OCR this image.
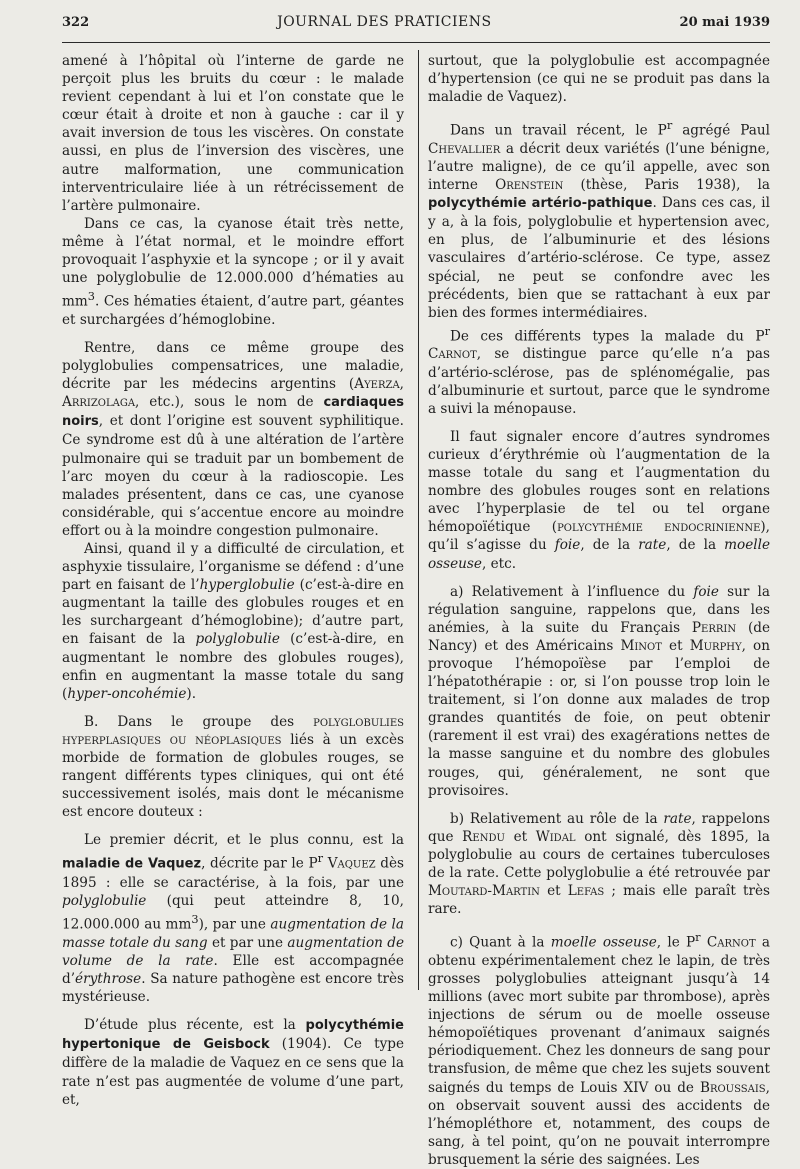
322	JOURNAL DES PRATICIENS	20 mai 1939

amené à l’hôpital où l’interne de garde ne perçoit plus les bruits du cœur : le malade revient cependant à lui et l’on constate que le cœur était à droite et non à gauche : car il y avait inversion de tous les viscères. On constate aussi, en plus de l’inversion des viscères, une autre malformation, une communication interventriculaire liée à un rétrécissement de l’artère pulmonaire.

Dans ce cas, la cyanose était très nette, même à l’état normal, et le moindre effort provoquait l’asphyxie et la syncope ; or il y avait une polyglobulie de 12.000.000 d’hématies au $mm^3$. Ces hématies étaient, d’autre part, géantes et surchargées d’hémoglobine.

Rentre, dans ce même groupe des polyglobulies compensatrices, une maladie, décrite par les médecins argentins (Ayerza, Arrizolaga, etc.), sous le nom de cardiaques noirs, et dont l’origine est souvent syphilitique. Ce syndrome est dû à une altération de l’artère pulmonaire qui se traduit par un bombement de l’arc moyen du cœur à la radioscopie. Les malades présentent, dans ce cas, une cyanose considérable, qui s’accentue encore au moindre effort ou à la moindre congestion pulmonaire.

Ainsi, quand il y a difficulté de circulation, et asphyxie tissulaire, l’organisme se défend : d’une part en faisant de l’hyperglobulie (c’est-à-dire en augmentant la taille des globules rouges et en les surchargeant d’hémoglobine); d’autre part, en faisant de la polyglobulie (c’est-à-dire, en augmentant le nombre des globules rouges), enfin en augmentant la masse totale du sang (hyper-oncohémie).

B. Dans le groupe des polyglobulies hyperplasiques ou néoplasiques liés à un excès morbide de formation de globules rouges, se rangent différents types cliniques, qui ont été successivement isolés, mais dont le mécanisme est encore douteux :

Le premier décrit, et le plus connu, est la maladie de Vaquez, décrite par le $P^r$ Vaquez dès 1895 : elle se caractérise, à la fois, par une polyglobulie (qui peut atteindre 8, 10, 12.000.000 au $mm^3$), par une augmentation de la masse totale du sang et par une augmentation de volume de la rate. Elle est accompagnée d’érythrose. Sa nature pathogène est encore très mystérieuse.

D’étude plus récente, est la polycythémie hypertonique de Geisbock (1904). Ce type diffère de la maladie de Vaquez en ce sens que la rate n’est pas augmentée de volume d’une part, et,

surtout, que la polyglobulie est accompagnée d’hypertension (ce qui ne se produit pas dans la maladie de Vaquez).

Dans un travail récent, le $P^r$ agrégé Paul Chevallier a décrit deux variétés (l’une bénigne, l’autre maligne), de ce qu’il appelle, avec son interne Orenstein (thèse, Paris 1938), la polycythémie artério-pathique. Dans ces cas, il y a, à la fois, polyglobulie et hypertension avec, en plus, de l’albuminurie et des lésions vasculaires d’artério-sclérose. Ce type, assez spécial, ne peut se confondre avec les précédents, bien que se rattachant à eux par bien des formes intermédiaires.

De ces différents types la malade du $P^r$ Carnot, se distingue parce qu’elle n’a pas d’artério-sclérose, pas de splénomégalie, pas d’albuminurie et surtout, parce que le syndrome a suivi la ménopause.

Il faut signaler encore d’autres syndromes curieux d’érythrémie où l’augmentation de la masse totale du sang et l’augmentation du nombre des globules rouges sont en relations avec l’hyperplasie de tel ou tel organe hémopoïétique (polycythémie endocrinienne), qu’il s’agisse du foie, de la rate, de la moelle osseuse, etc.

a) Relativement à l’influence du foie sur la régulation sanguine, rappelons que, dans les anémies, à la suite du Français Perrin (de Nancy) et des Américains Minot et Murphy, on provoque l’hémopoïèse par l’emploi de l’hépatothérapie : or, si l’on pousse trop loin le traitement, si l’on donne aux malades de trop grandes quantités de foie, on peut obtenir (rarement il est vrai) des exagérations nettes de la masse sanguine et du nombre des globules rouges, qui, généralement, ne sont que provisoires.

b) Relativement au rôle de la rate, rappelons que Rendu et Widal ont signalé, dès 1895, la polyglobulie au cours de certaines tuberculoses de la rate. Cette polyglobulie a été retrouvée par Moutard-Martin et Lefas ; mais elle paraît très rare.

c) Quant à la moelle osseuse, le $P^r$ Carnot a obtenu expérimentalement chez le lapin, de très grosses polyglobulies atteignant jusqu’à 14 millions (avec mort subite par thrombose), après injections de sérum ou de moelle osseuse hémopoïétiques provenant d’animaux saignés périodiquement. Chez les donneurs de sang pour transfusion, de même que chez les sujets souvent saignés du temps de Louis XIV ou de Broussais, on observait souvent aussi des accidents de l’hémopléthore et, notamment, des coups de sang, à tel point, qu’on ne pouvait interrompre brusquement la série des saignées. Les
